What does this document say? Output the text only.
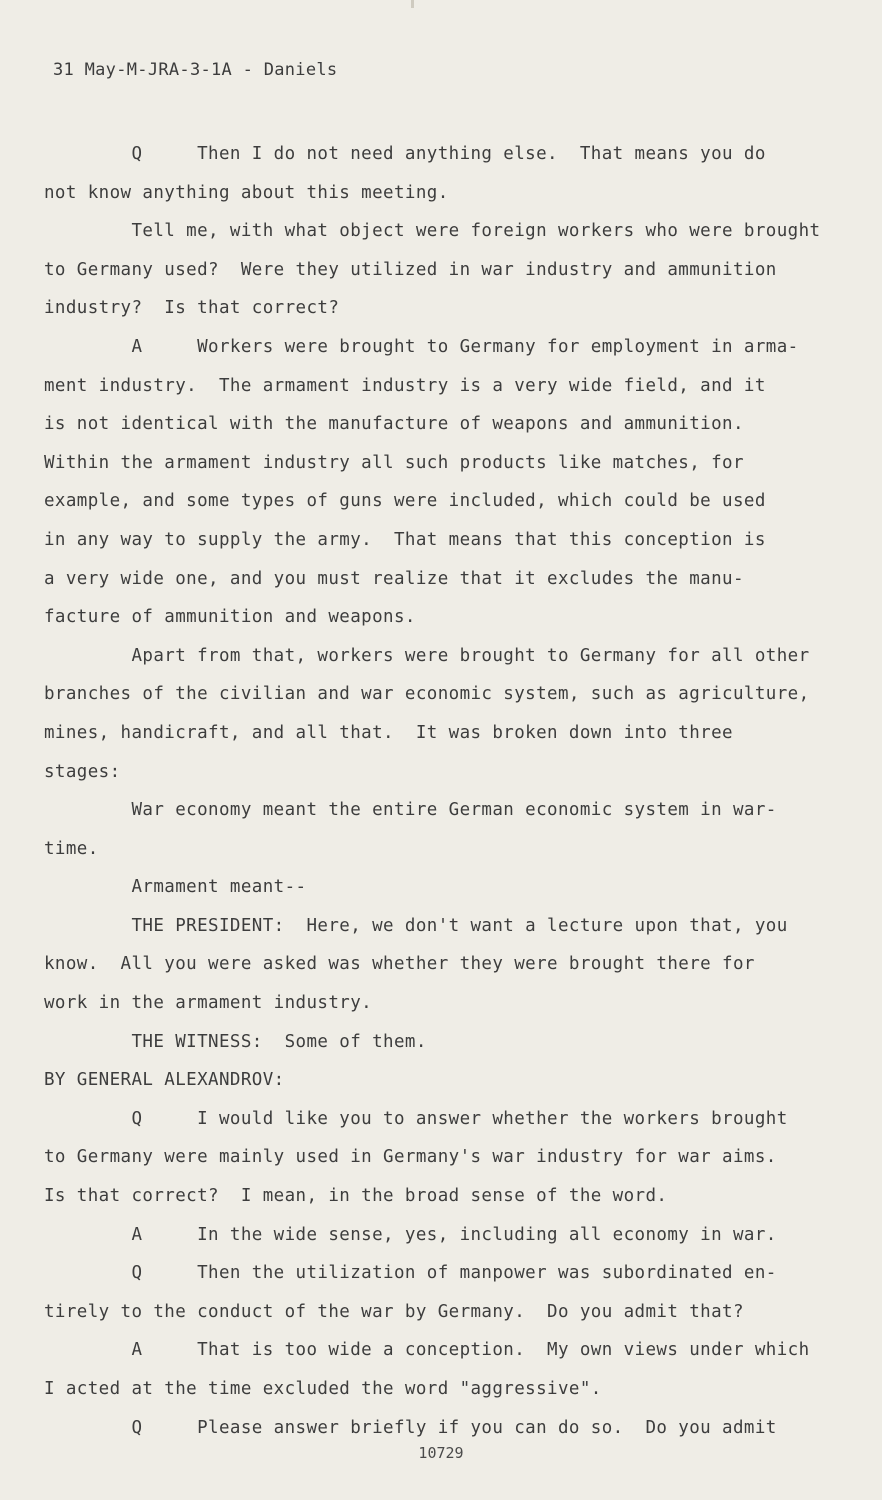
31 May-M-JRA-3-1A - Daniels
Q     Then I do not need anything else.  That means you do
not know anything about this meeting.
Tell me, with what object were foreign workers who were brought
to Germany used?  Were they utilized in war industry and ammunition
industry?  Is that correct?
A     Workers were brought to Germany for employment in arma-
ment industry.  The armament industry is a very wide field, and it
is not identical with the manufacture of weapons and ammunition.
Within the armament industry all such products like matches, for
example, and some types of guns were included, which could be used
in any way to supply the army.  That means that this conception is
a very wide one, and you must realize that it excludes the manu-
facture of ammunition and weapons.
Apart from that, workers were brought to Germany for all other
branches of the civilian and war economic system, such as agriculture,
mines, handicraft, and all that.  It was broken down into three
stages:
War economy meant the entire German economic system in war-
time.
Armament meant--
THE PRESIDENT:  Here, we don't want a lecture upon that, you
know.  All you were asked was whether they were brought there for
work in the armament industry.
THE WITNESS:  Some of them.
BY GENERAL ALEXANDROV:
Q     I would like you to answer whether the workers brought
to Germany were mainly used in Germany's war industry for war aims.
Is that correct?  I mean, in the broad sense of the word.
A     In the wide sense, yes, including all economy in war.
Q     Then the utilization of manpower was subordinated en-
tirely to the conduct of the war by Germany.  Do you admit that?
A     That is too wide a conception.  My own views under which
I acted at the time excluded the word "aggressive".
Q     Please answer briefly if you can do so.  Do you admit
10729
